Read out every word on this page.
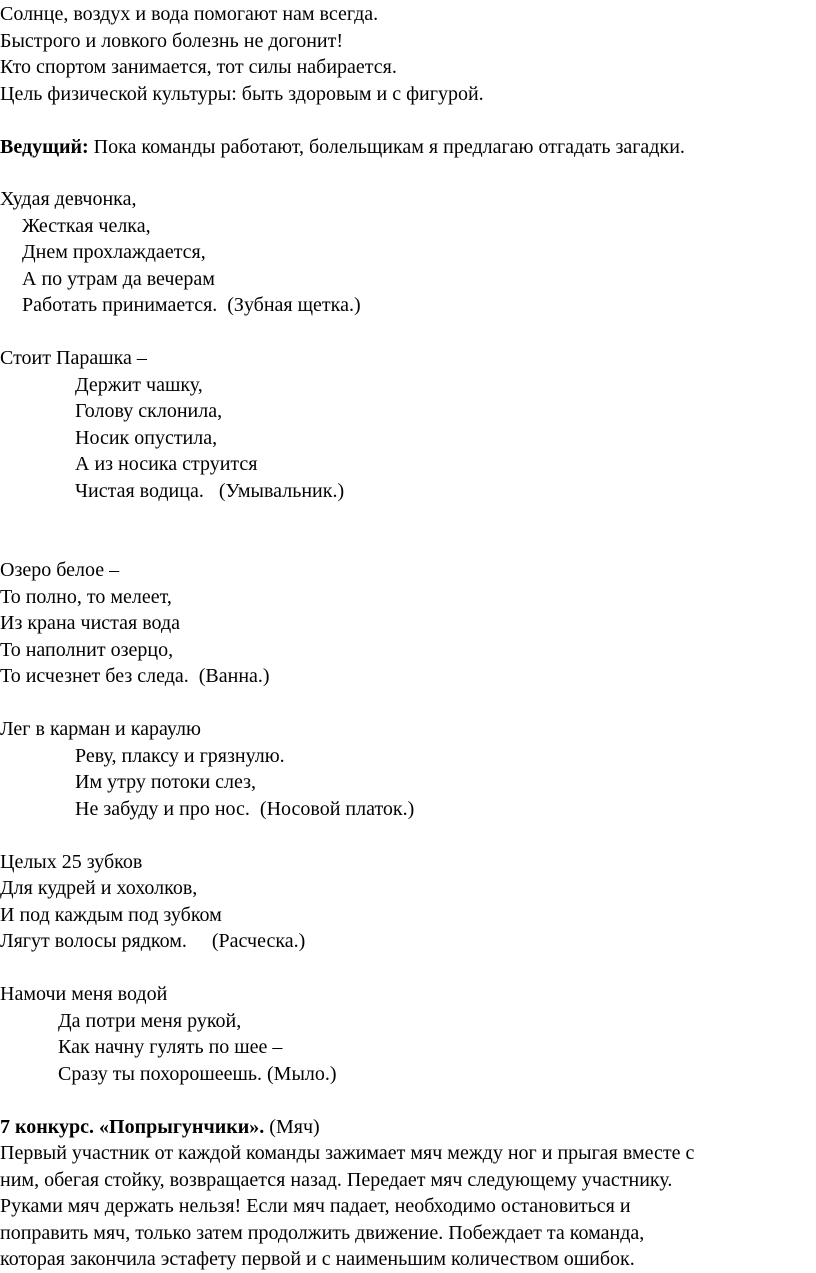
Солнце, воздух и вода помогают нам всегда.
Быстрого и ловкого болезнь не догонит!
Кто спортом занимается, тот силы набирается.
Цель физической культуры: быть здоровым и с фигурой.
Ведущий: Пока команды работают, болельщикам я предлагаю отгадать загадки.
Худая девчонка,
Жесткая челка,
Днем прохлаждается,
А по утрам да вечерам
Работать принимается.  (Зубная щетка.)
Стоит Парашка –
Держит чашку,
Голову склонила,
Носик опустила,
А из носика струится
Чистая водица.   (Умывальник.)
Озеро белое –
То полно, то мелеет,
Из крана чистая вода
То наполнит озерцо,
То исчезнет без следа.  (Ванна.)
Лег в карман и караулю
Реву, плаксу и грязнулю.
Им утру потоки слез,
Не забуду и про нос.  (Носовой платок.)
Целых 25 зубков
Для кудрей и хохолков,
И под каждым под зубком
Лягут волосы рядком.     (Расческа.)
Намочи меня водой
Да потри меня рукой,
Как начну гулять по шее –
Сразу ты похорошеешь. (Мыло.)
7 конкурс. «Попрыгунчики». (Мяч)
Первый участник от каждой команды зажимает мяч между ног и прыгая вместе с
ним, обегая стойку, возвращается назад. Передает мяч следующему участнику.
Руками мяч держать нельзя! Если мяч падает, необходимо остановиться и
поправить мяч, только затем продолжить движение. Побеждает та команда,
которая закончила эстафету первой и с наименьшим количеством ошибок.
